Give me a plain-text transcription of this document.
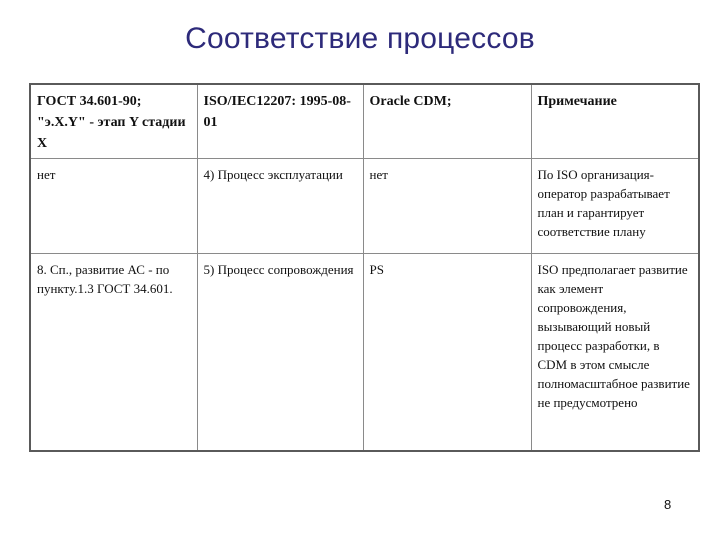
Соответствие процессов
ГОСТ 34.601-90; "э.X.Y" - этап Y стадии X	ISO/IEC12207: 1995-08-01	Oracle CDM;	Примечание
нет	4) Процесс эксплуатации	нет	По ISO организация-оператор разрабатывает план и гарантирует соответствие плану
8. Сп., развитие АС - по пункту.1.3 ГОСТ 34.601.	5) Процесс сопровождения	PS	ISO предполагает развитие как элемент сопровождения, вызывающий новый процесс разработки, в CDM в этом смысле полномасштабное развитие не предусмотрено
8
